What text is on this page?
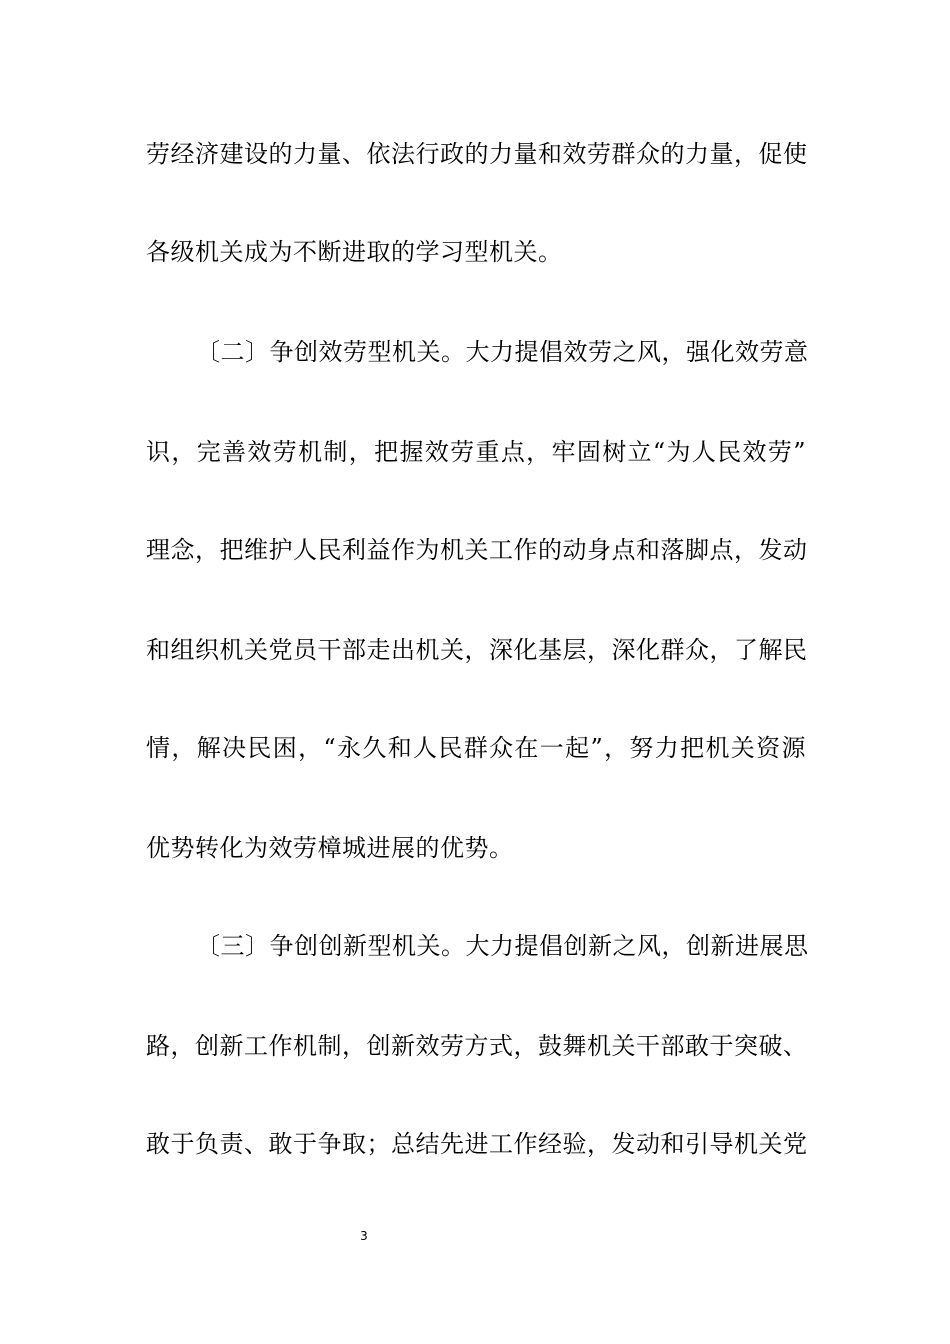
劳经济建设的力量、依法行政的力量和效劳群众的力量，促使
各级机关成为不断进取的学习型机关。
〔二〕争创效劳型机关。大力提倡效劳之风，强化效劳意
识，完善效劳机制，把握效劳重点，牢固树立“为人民效劳”
理念，把维护人民利益作为机关工作的动身点和落脚点，发动
和组织机关党员干部走出机关，深化基层，深化群众，了解民
情，解决民困，“永久和人民群众在一起”，努力把机关资源
优势转化为效劳樟城进展的优势。
〔三〕争创创新型机关。大力提倡创新之风，创新进展思
路，创新工作机制，创新效劳方式，鼓舞机关干部敢于突破、
敢于负责、敢于争取；总结先进工作经验，发动和引导机关党
3
